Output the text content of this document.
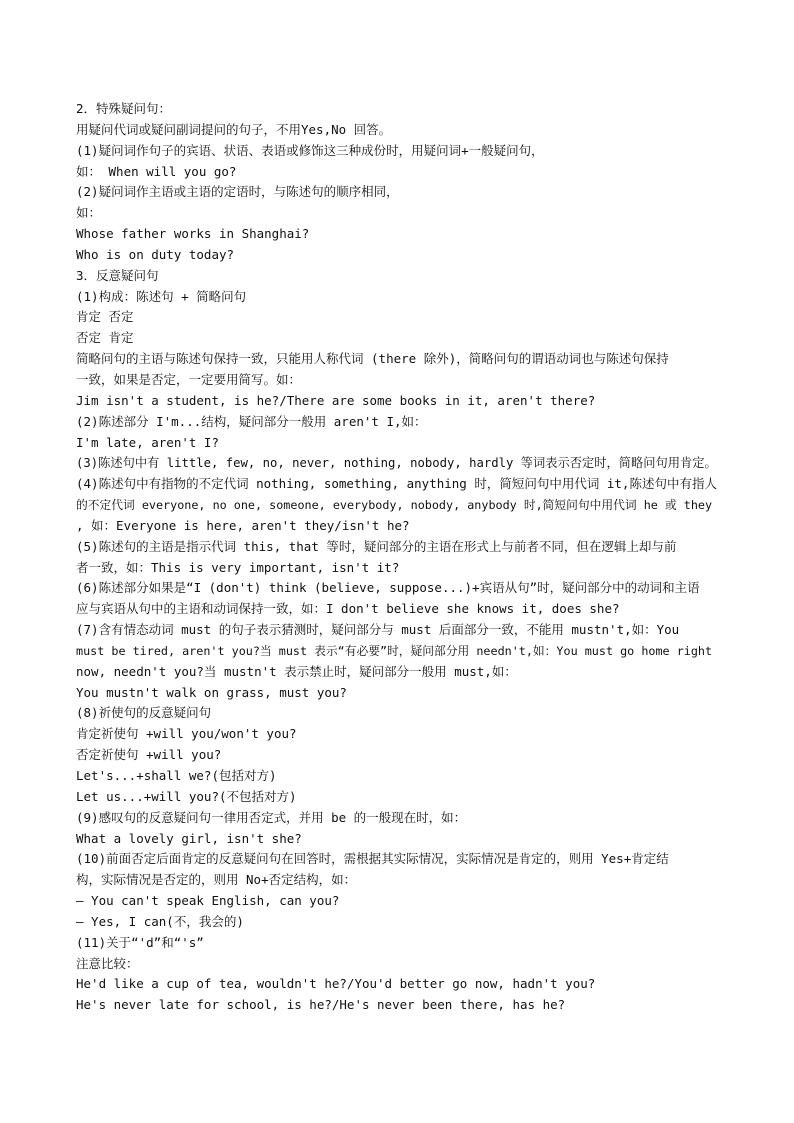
2．特殊疑问句：
用疑问代词或疑问副词提问的句子，不用Yes,No 回答。
(1)疑问词作句子的宾语、状语、表语或修饰这三种成份时，用疑问词+一般疑问句，
如： When will you go?
(2)疑问词作主语或主语的定语时，与陈述句的顺序相同，
如：
Whose father works in Shanghai?
Who is on duty today?
3．反意疑问句
(1)构成：陈述句 + 简略问句
肯定 否定
否定 肯定
简略问句的主语与陈述句保持一致，只能用人称代词 (there 除外)，简略问句的谓语动词也与陈述句保持
一致，如果是否定，一定要用简写。如：
Jim isn't a student, is he?/There are some books in it, aren't there?
(2)陈述部分 I'm...结构，疑问部分一般用 aren't I,如：
I'm late, aren't I?
(3)陈述句中有 little, few, no, never, nothing, nobody, hardly 等词表示否定时，简略问句用肯定。
(4)陈述句中有指物的不定代词 nothing, something, anything 时，简短问句中用代词 it,陈述句中有指人
的不定代词 everyone, no one, someone, everybody, nobody, anybody 时,简短问句中用代词 he 或 they
, 如：Everyone is here, aren't they/isn't he?
(5)陈述句的主语是指示代词 this, that 等时，疑问部分的主语在形式上与前者不同，但在逻辑上却与前
者一致，如：This is very important, isn't it?
(6)陈述部分如果是“I (don't) think (believe, suppose...)+宾语从句”时，疑问部分中的动词和主语
应与宾语从句中的主语和动词保持一致，如：I don't believe she knows it, does she?
(7)含有情态动词 must 的句子表示猜测时，疑问部分与 must 后面部分一致，不能用 mustn't,如：You
must be tired, aren't you?当 must 表示“有必要”时，疑问部分用 needn't,如：You must go home right
now, needn't you?当 mustn't 表示禁止时，疑问部分一般用 must,如：
You mustn't walk on grass, must you?
(8)祈使句的反意疑问句
肯定祈使句 +will you/won't you?
否定祈使句 +will you?
Let's...+shall we?(包括对方)
Let us...+will you?(不包括对方)
(9)感叹句的反意疑问句一律用否定式，并用 be 的一般现在时，如：
What a lovely girl, isn't she?
(10)前面否定后面肯定的反意疑问句在回答时，需根据其实际情况，实际情况是肯定的，则用 Yes+肯定结
构，实际情况是否定的，则用 No+否定结构，如：
— You can't speak English, can you?
— Yes, I can(不，我会的)
(11)关于“'d”和“'s”
注意比较：
He'd like a cup of tea, wouldn't he?/You'd better go now, hadn't you?
He's never late for school, is he?/He's never been there, has he?
